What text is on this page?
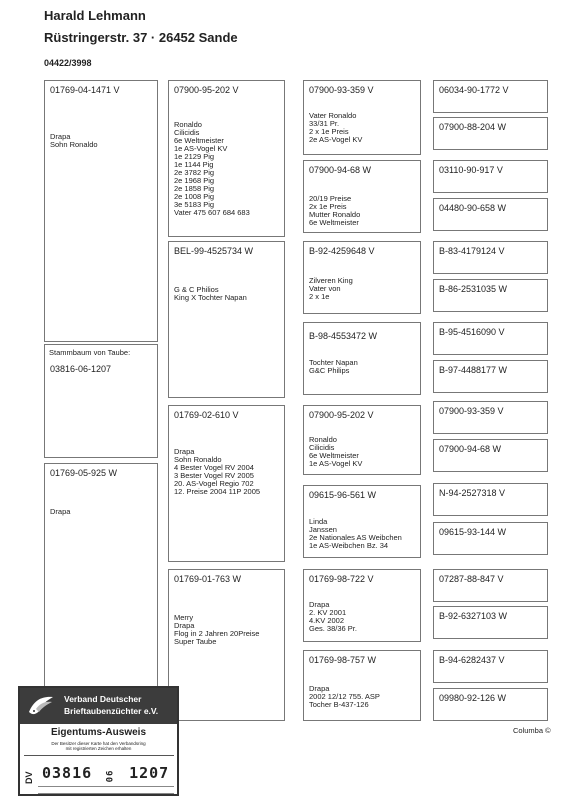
Harald Lehmann
Rüstringerstr. 37 · 26452 Sande
04422/3998
01769-04-1471 V
Drapa
Sohn Ronaldo
Stammbaum von Taube:
03816-06-1207
01769-05-925 W
Drapa
07900-95-202 V
Ronaldo
Cilicidis
6e Weltmeister
1e AS-Vogel KV
1e 2129 Pig
1e 1144 Pig
2e 3782 Pig
2e 1968 Pig
2e 1858 Pig
2e 1008 Pig
3e 5183 Pig
Vater 475 607 684 683
BEL-99-4525734 W
G & C Philios
King X Tochter Napan
01769-02-610 V
Drapa
Sohn Ronaldo
4 Bester Vogel RV 2004
3 Bester Vogel RV 2005
20. AS-Vogel Regio 702
12. Preise 2004 11P 2005
01769-01-763 W
Merry
Drapa
Flog in 2 Jahren 20Preise
Super Taube
07900-93-359 V
Vater Ronaldo
33/31 Pr.
2 x 1e Preis
2e AS-Vogel KV
07900-94-68 W
20/19 Preise
2x 1e Preis
Mutter Ronaldo
6e Weltmeister
B-92-4259648 V
Zilveren King
Vater von
2 x 1e
B-98-4553472 W
Tochter Napan
G&C Philips
07900-95-202 V
Ronaldo
Cilicidis
6e Weltmeister
1e AS-Vogel KV
09615-96-561 W
Linda
Janssen
2e Nationales AS Weibchen
1e AS-Weibchen Bz. 34
01769-98-722 V
Drapa
2. KV 2001
4.KV 2002
Ges. 38/36 Pr.
01769-98-757 W
Drapa
2002 12/12 755. ASP
Tocher B-437-126
06034-90-1772 V
07900-88-204 W
03110-90-917 V
04480-90-658 W
B-83-4179124 V
B-86-2531035 W
B-95-4516090 V
B-97-4488177 W
07900-93-359 V
07900-94-68 W
N-94-2527318 V
09615-93-144 W
07287-88-847 V
B-92-6327103 W
B-94-6282437 V
09980-92-126 W
Columba ©
Verband Deutscher
Brieftaubenzüchter e.V.
Eigentums-Ausweis
Der Besitzer dieser Karte hat den Verbandsring
mit registrierten Zeichen erhalten
DV 03816 06 1207
